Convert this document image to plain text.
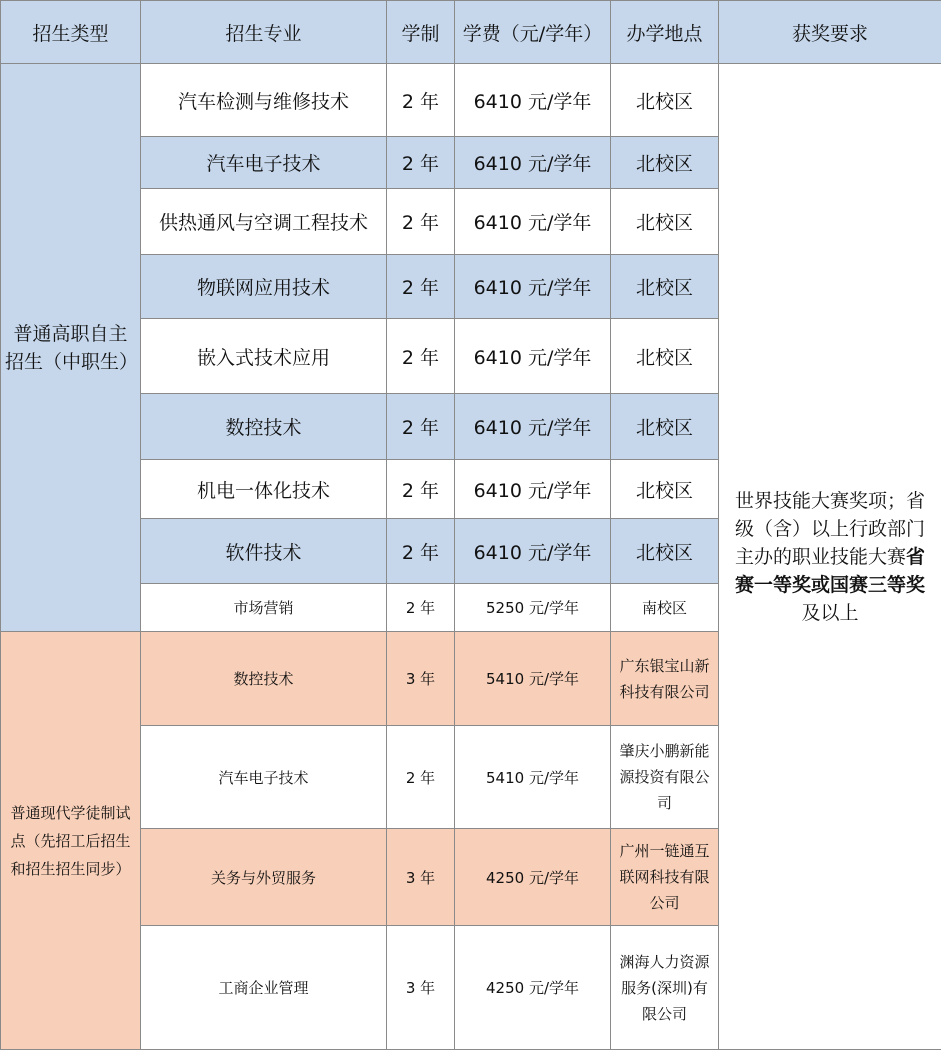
招生类型	招生专业	学制	学费（元/学年）	办学地点	获奖要求
普通高职自主招生（中职生）	汽车检测与维修技术	2 年	6410 元/学年	北校区	世界技能大赛奖项；省级（含）以上行政部门主办的职业技能大赛省赛一等奖或国赛三等奖
及以上
	汽车电子技术	2 年	6410 元/学年	北校区	
	供热通风与空调工程技术	2 年	6410 元/学年	北校区	
	物联网应用技术	2 年	6410 元/学年	北校区	
	嵌入式技术应用	2 年	6410 元/学年	北校区	
	数控技术	2 年	6410 元/学年	北校区	
	机电一体化技术	2 年	6410 元/学年	北校区	
	软件技术	2 年	6410 元/学年	北校区	
	市场营销	2 年	5250 元/学年	南校区	
普通现代学徒制试点（先招工后招生和招生招生同步）	数控技术	3 年	5410 元/学年	广东银宝山新科技有限公司	
	汽车电子技术	2 年	5410 元/学年	肇庆小鹏新能源投资有限公司	
	关务与外贸服务	3 年	4250 元/学年	广州一链通互联网科技有限公司	
	工商企业管理	3 年	4250 元/学年	渊海人力资源服务(深圳)有限公司	
